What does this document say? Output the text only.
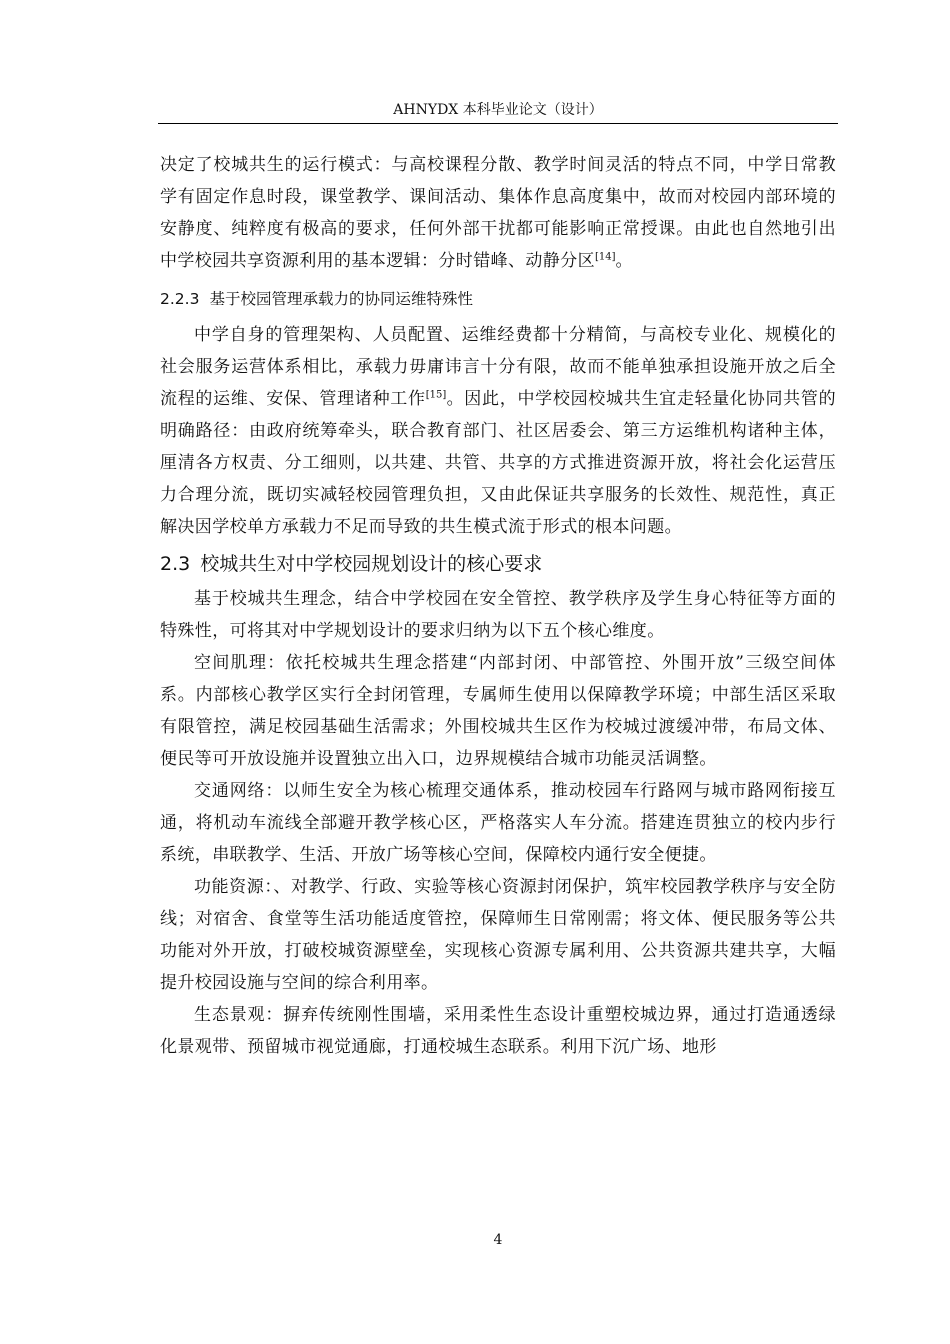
AHNYDX 本科毕业论文（设计）

决定了校城共生的运行模式：与高校课程分散、教学时间灵活的特点不同，中学日常教学有固定作息时段，课堂教学、课间活动、集体作息高度集中，故而对校园内部环境的安静度、纯粹度有极高的要求，任何外部干扰都可能影响正常授课。由此也自然地引出中学校园共享资源利用的基本逻辑：分时错峰、动静分区[14]。

2.2.3 基于校园管理承载力的协同运维特殊性

中学自身的管理架构、人员配置、运维经费都十分精简，与高校专业化、规模化的社会服务运营体系相比，承载力毋庸讳言十分有限，故而不能单独承担设施开放之后全流程的运维、安保、管理诸种工作[15]。因此，中学校园校城共生宜走轻量化协同共管的明确路径：由政府统筹牵头，联合教育部门、社区居委会、第三方运维机构诸种主体，厘清各方权责、分工细则，以共建、共管、共享的方式推进资源开放，将社会化运营压力合理分流，既切实减轻校园管理负担，又由此保证共享服务的长效性、规范性，真正解决因学校单方承载力不足而导致的共生模式流于形式的根本问题。

2.3 校城共生对中学校园规划设计的核心要求

基于校城共生理念，结合中学校园在安全管控、教学秩序及学生身心特征等方面的特殊性，可将其对中学规划设计的要求归纳为以下五个核心维度。

空间肌理：依托校城共生理念搭建“内部封闭、中部管控、外围开放”三级空间体系。内部核心教学区实行全封闭管理，专属师生使用以保障教学环境；中部生活区采取有限管控，满足校园基础生活需求；外围校城共生区作为校城过渡缓冲带，布局文体、便民等可开放设施并设置独立出入口，边界规模结合城市功能灵活调整。

交通网络：以师生安全为核心梳理交通体系，推动校园车行路网与城市路网衔接互通，将机动车流线全部避开教学核心区，严格落实人车分流。搭建连贯独立的校内步行系统，串联教学、生活、开放广场等核心空间，保障校内通行安全便捷。

功能资源：、对教学、行政、实验等核心资源封闭保护，筑牢校园教学秩序与安全防线；对宿舍、食堂等生活功能适度管控，保障师生日常刚需；将文体、便民服务等公共功能对外开放，打破校城资源壁垒，实现核心资源专属利用、公共资源共建共享，大幅提升校园设施与空间的综合利用率。

生态景观：摒弃传统刚性围墙，采用柔性生态设计重塑校城边界，通过打造通透绿化景观带、预留城市视觉通廊，打通校城生态联系。利用下沉广场、地形

4
